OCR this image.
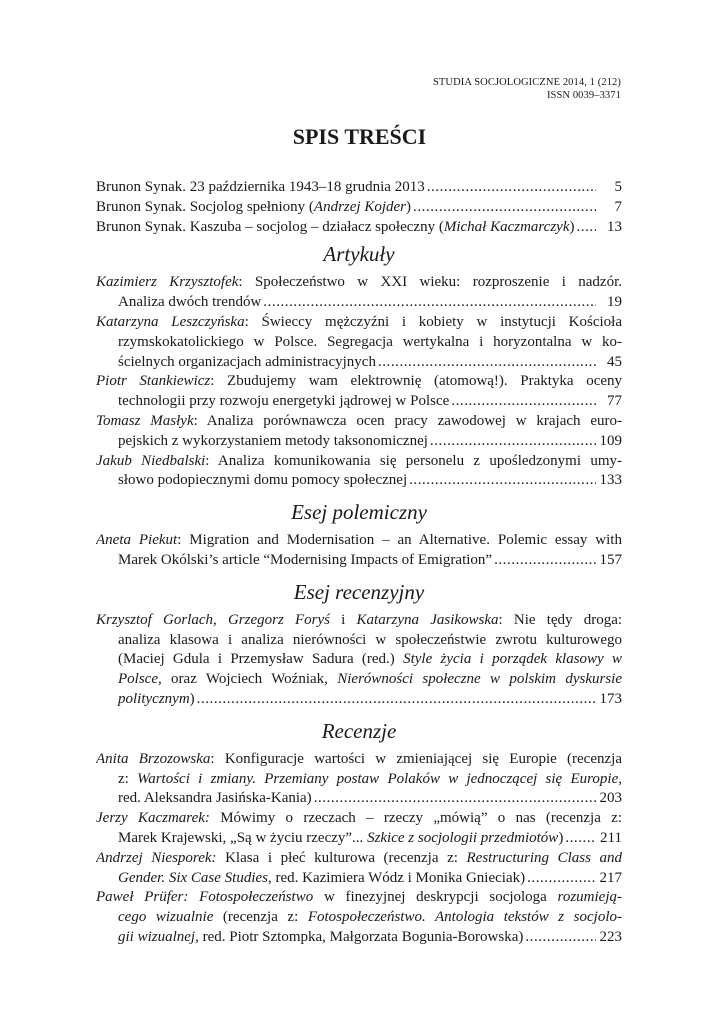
STUDIA SOCJOLOGICZNE 2014, 1 (212)
ISSN 0039–3371
SPIS TREŚCI
Brunon Synak. 23 października 1943–18 grudnia 2013 . . .	5
Brunon Synak. Socjolog spełniony (Andrzej Kojder) . . .	7
Brunon Synak. Kaszuba – socjolog – działacz społeczny (Michał Kaczmarczyk) . . .	13
Artykuły
Kazimierz Krzysztofek: Społeczeństwo w XXI wieku: rozproszenie i nadzór.
Analiza dwóch trendów . . .	19
Katarzyna Leszczyńska: Świeccy mężczyźni i kobiety w instytucji Kościoła
rzymskokatolickiego w Polsce. Segregacja wertykalna i horyzontalna w ko-
ścielnych organizacjach administracyjnych . . .	45
Piotr Stankiewicz: Zbudujemy wam elektrownię (atomową!). Praktyka oceny
technologii przy rozwoju energetyki jądrowej w Polsce . . .	77
Tomasz Masłyk: Analiza porównawcza ocen pracy zawodowej w krajach euro-
pejskich z wykorzystaniem metody taksonomicznej . . .	109
Jakub Niedbalski: Analiza komunikowania się personelu z upośledzonymi umy-
słowo podopiecznymi domu pomocy społecznej . . .	133
Esej polemiczny
Aneta Piekut: Migration and Modernisation – an Alternative. Polemic essay with
Marek Okólski’s article “Modernising Impacts of Emigration” . . .	157
Esej recenzyjny
Krzysztof Gorlach, Grzegorz Foryś i Katarzyna Jasikowska: Nie tędy droga:
analiza klasowa i analiza nierówności w społeczeństwie zwrotu kulturowego
(Maciej Gdula i Przemysław Sadura (red.) Style życia i porządek klasowy w
Polsce, oraz Wojciech Woźniak, Nierówności społeczne w polskim dyskursie
politycznym) . . .	173
Recenzje
Anita Brzozowska: Konfiguracje wartości w zmieniającej się Europie (recenzja
z: Wartości i zmiany. Przemiany postaw Polaków w jednoczącej się Europie,
red. Aleksandra Jasińska-Kania) . . .	203
Jerzy Kaczmarek: Mówimy o rzeczach – rzeczy „mówią” o nas (recenzja z:
Marek Krajewski, „Są w życiu rzeczy”... Szkice z socjologii przedmiotów) . . . 211
Andrzej Niesporek: Klasa i płeć kulturowa (recenzja z: Restructuring Class and
Gender. Six Case Studies, red. Kazimiera Wódz i Monika Gnieciak) . . .	217
Paweł Prüfer: Fotospołeczeństwo w finezyjnej deskrypcji socjologa rozumieją-
cego wizualnie (recenzja z: Fotospołeczeństwo. Antologia tekstów z socjolo-
gii wizualnej, red. Piotr Sztompka, Małgorzata Bogunia-Borowska) . . .	223
